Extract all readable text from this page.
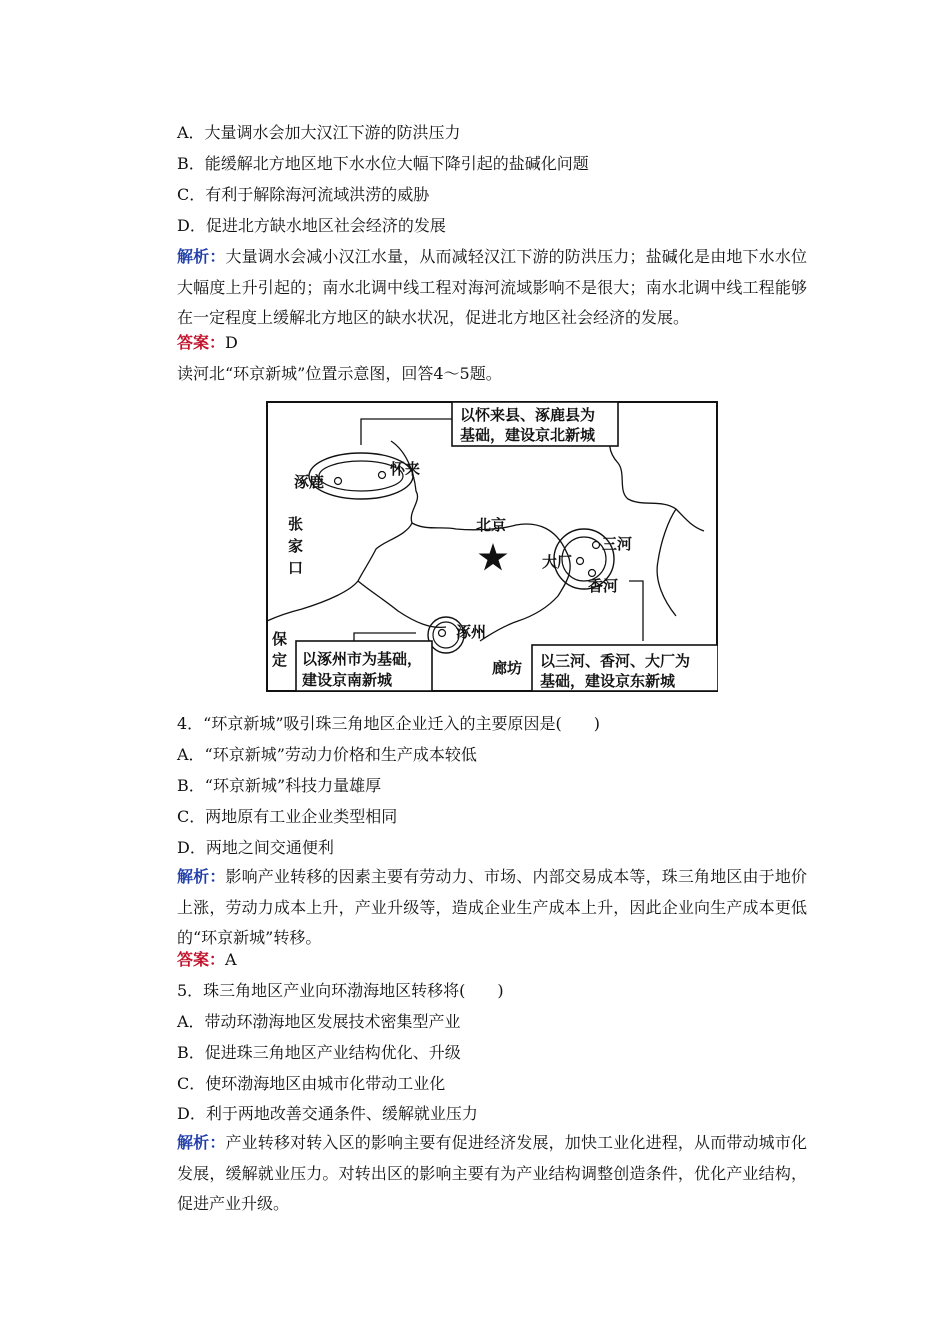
A．大量调水会加大汉江下游的防洪压力
B．能缓解北方地区地下水水位大幅下降引起的盐碱化问题
C．有利于解除海河流域洪涝的威胁
D．促进北方缺水地区社会经济的发展
解析：大量调水会减小汉江水量，从而减轻汉江下游的防洪压力；盐碱化是由地下水水位大幅度上升引起的；南水北调中线工程对海河流域影响不是很大；南水北调中线工程能够在一定程度上缓解北方地区的缺水状况，促进北方地区社会经济的发展。
答案：D
读河北“环京新城”位置示意图，回答4～5题。
以怀来县、涿鹿县为
基础，建设京北新城
以涿州市为基础，
建设京南新城
以三河、香河、大厂为
基础，建设京东新城
涿鹿
怀来
张
家
口
北京
三河
大厂
香河
涿州
保
定	廊坊
4．“环京新城”吸引珠三角地区企业迁入的主要原因是(　　)
A．“环京新城”劳动力价格和生产成本较低
B．“环京新城”科技力量雄厚
C．两地原有工业企业类型相同
D．两地之间交通便利
解析：影响产业转移的因素主要有劳动力、市场、内部交易成本等，珠三角地区由于地价上涨，劳动力成本上升，产业升级等，造成企业生产成本上升，因此企业向生产成本更低的“环京新城”转移。
答案：A
5．珠三角地区产业向环渤海地区转移将(　　)
A．带动环渤海地区发展技术密集型产业
B．促进珠三角地区产业结构优化、升级
C．使环渤海地区由城市化带动工业化
D．利于两地改善交通条件、缓解就业压力
解析：产业转移对转入区的影响主要有促进经济发展，加快工业化进程，从而带动城市化发展，缓解就业压力。对转出区的影响主要有为产业结构调整创造条件，优化产业结构，促进产业升级。
